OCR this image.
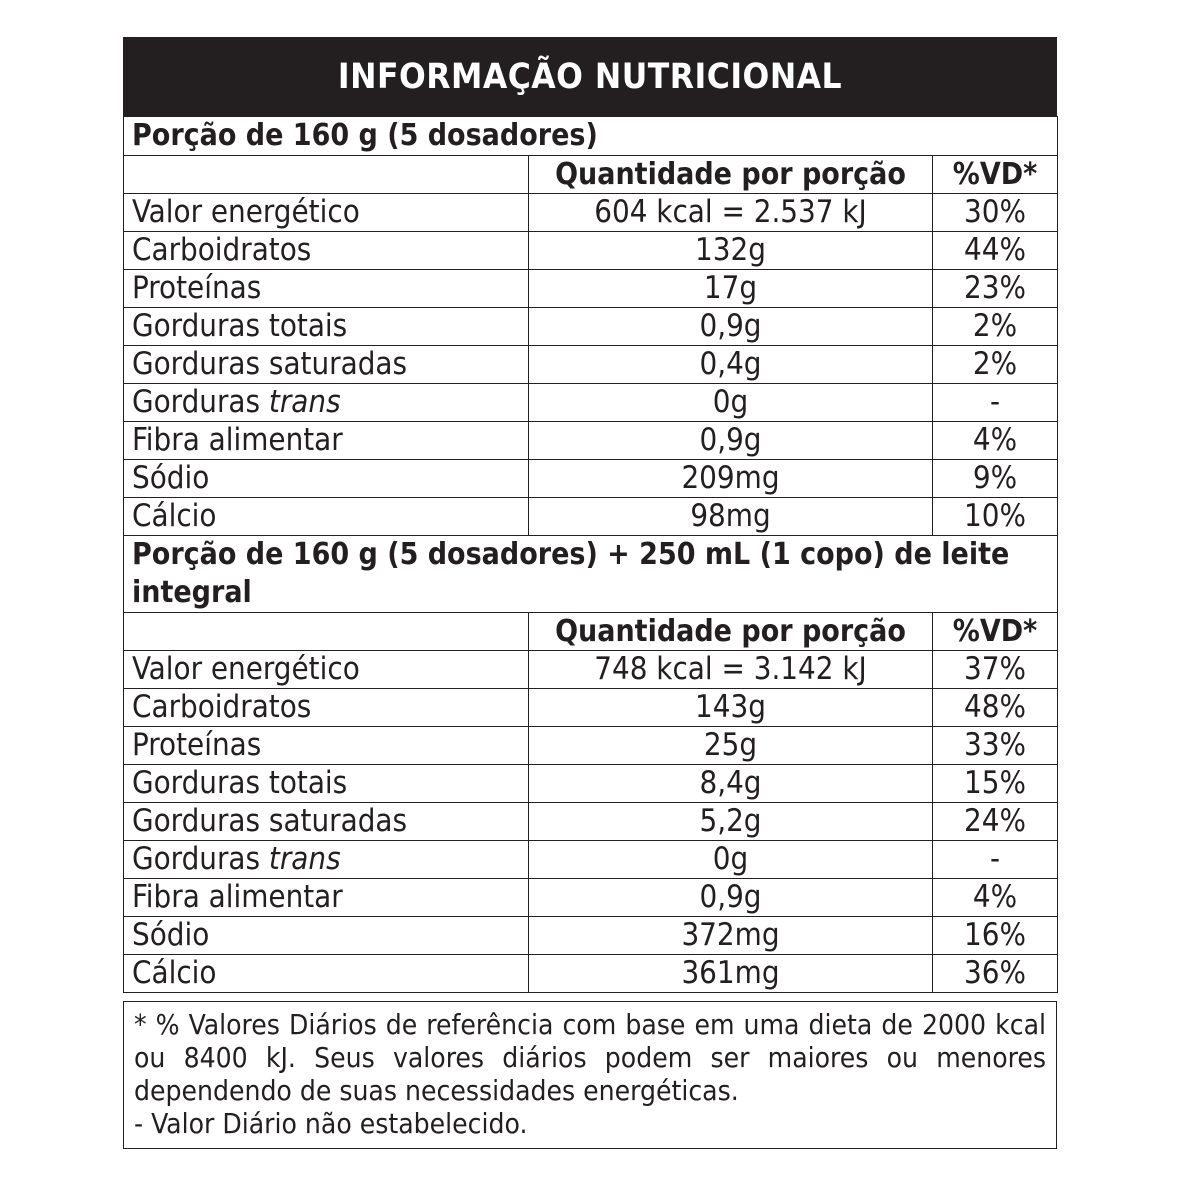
INFORMAÇÃO NUTRICIONAL
Porção de 160 g (5 dosadores)		
	Quantidade por porção	%VD*
Valor energético	604 kcal = 2.537 kJ	30%
Carboidratos	132g	44%
Proteínas	17g	23%
Gorduras totais	0,9g	2%
Gorduras saturadas	0,4g	2%
Gorduras trans	0g	-
Fibra alimentar	0,9g	4%
Sódio	209mg	9%
Cálcio	98mg	10%
Porção de 160 g (5 dosadores) + 250 mL (1 copo) de leite integral		
	Quantidade por porção	%VD*
Valor energético	748 kcal = 3.142 kJ	37%
Carboidratos	143g	48%
Proteínas	25g	33%
Gorduras totais	8,4g	15%
Gorduras saturadas	5,2g	24%
Gorduras trans	0g	-
Fibra alimentar	0,9g	4%
Sódio	372mg	16%
Cálcio	361mg	36%

* % Valores Diários de referência com base em uma dieta de 2000 kcal ou 8400 kJ. Seus valores diários podem ser maiores ou menores dependendo de suas necessidades energéticas.

- Valor Diário não estabelecido.
